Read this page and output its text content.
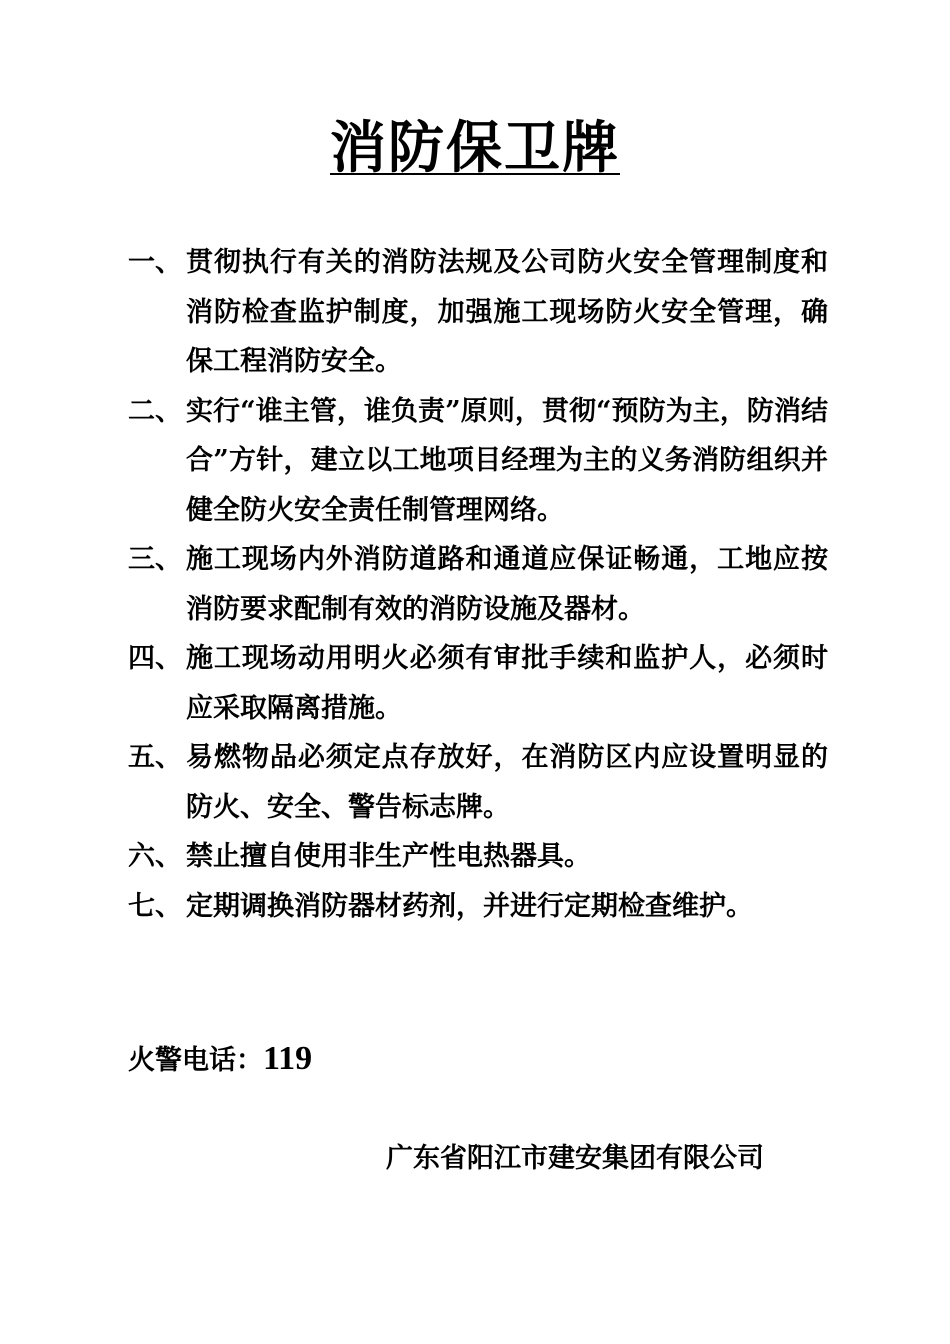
消防保卫牌
一、 贯彻执行有关的消防法规及公司防火安全管理制度和消防检查监护制度，加强施工现场防火安全管理，确保工程消防安全。
二、 实行“谁主管，谁负责”原则，贯彻“预防为主，防消结合”方针，建立以工地项目经理为主的义务消防组织并健全防火安全责任制管理网络。
三、 施工现场内外消防道路和通道应保证畅通，工地应按消防要求配制有效的消防设施及器材。
四、 施工现场动用明火必须有审批手续和监护人，必须时应采取隔离措施。
五、 易燃物品必须定点存放好，在消防区内应设置明显的防火、安全、警告标志牌。
六、 禁止擅自使用非生产性电热器具。
七、 定期调换消防器材药剂，并进行定期检查维护。
火警电话：119
广东省阳江市建安集团有限公司
